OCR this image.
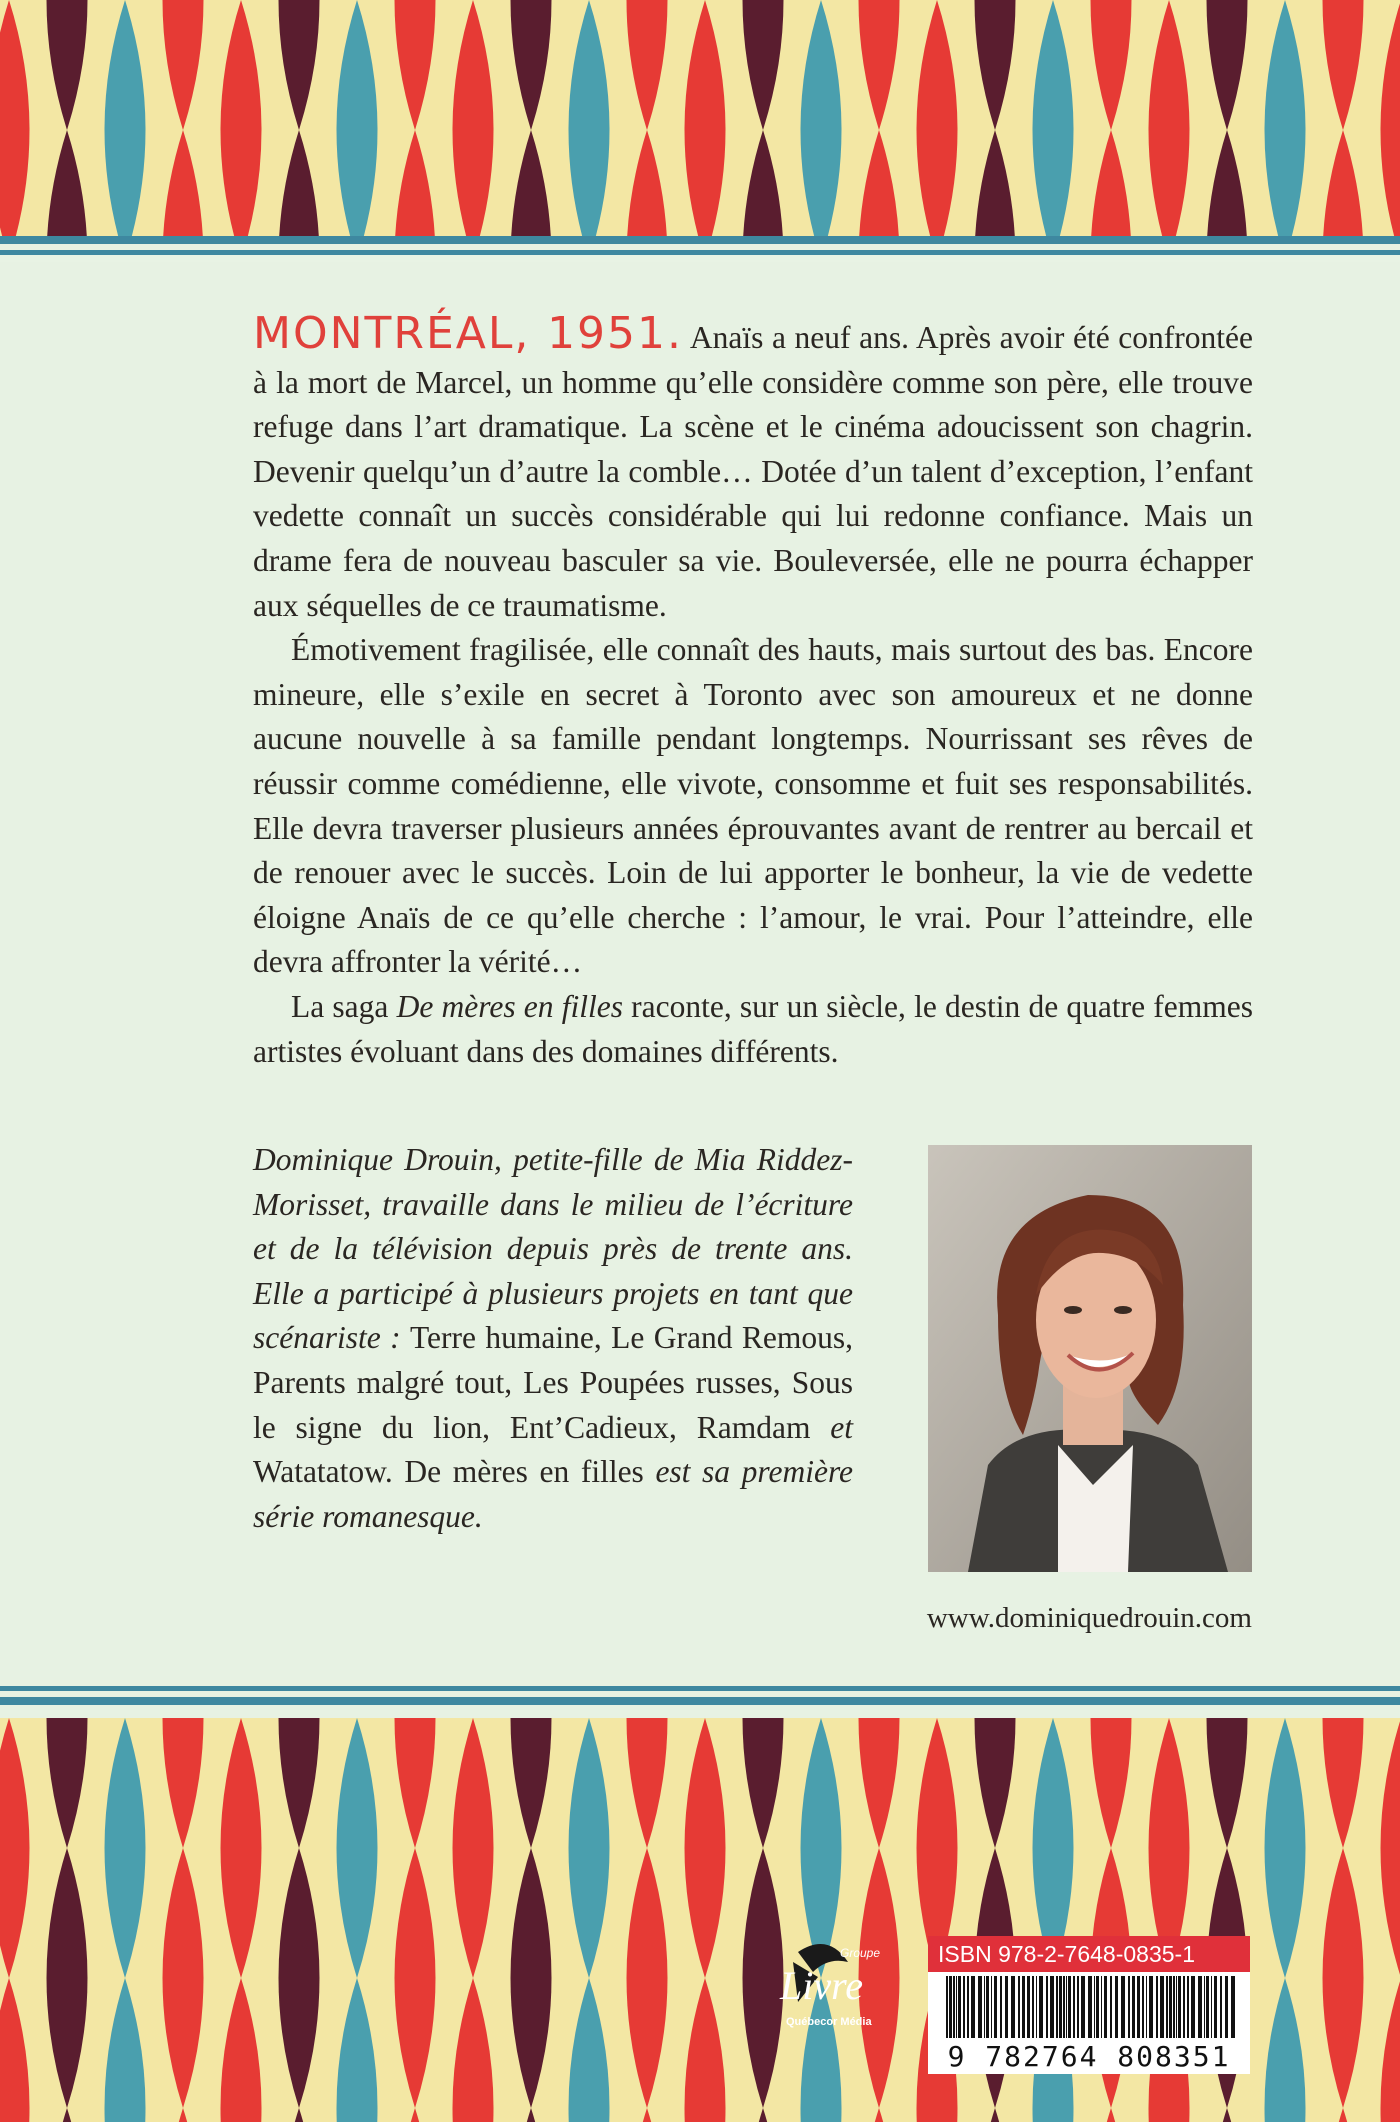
MONTRÉAL, 1951. Anaïs a neuf ans. Après avoir été confrontée à la mort de Marcel, un homme qu’elle considère comme son père, elle trouve refuge dans l’art dramatique. La scène et le cinéma adoucissent son chagrin. Devenir quelqu’un d’autre la comble… Dotée d’un talent d’exception, l’enfant vedette connaît un succès considérable qui lui redonne confiance. Mais un drame fera de nouveau basculer sa vie. Bouleversée, elle ne pourra échapper aux séquelles de ce traumatisme.

Émotivement fragilisée, elle connaît des hauts, mais surtout des bas. Encore mineure, elle s’exile en secret à Toronto avec son amoureux et ne donne aucune nouvelle à sa famille pendant longtemps. Nourrissant ses rêves de réussir comme comédienne, elle vivote, consomme et fuit ses responsabilités. Elle devra traverser plusieurs années éprouvantes avant de rentrer au bercail et de renouer avec le succès. Loin de lui apporter le bonheur, la vie de vedette éloigne Anaïs de ce qu’elle cherche : l’amour, le vrai. Pour l’atteindre, elle devra affronter la vérité…

La saga De mères en filles raconte, sur un siècle, le destin de quatre femmes artistes évoluant dans des domaines différents.

Dominique Drouin, petite-fille de Mia Riddez-Morisset, travaille dans le milieu de l’écriture et de la télévision depuis près de trente ans. Elle a participé à plusieurs projets en tant que scénariste : Terre humaine, Le Grand Remous, Parents malgré tout, Les Poupées russes, Sous le signe du lion, Ent’Cadieux, Ramdam et Watatatow. De mères en filles est sa première série romanesque.
www.dominiquedrouin.com
Groupe
Livre
Québecor Média
ISBN 978-2-7648-0835-1
9 782764 808351
